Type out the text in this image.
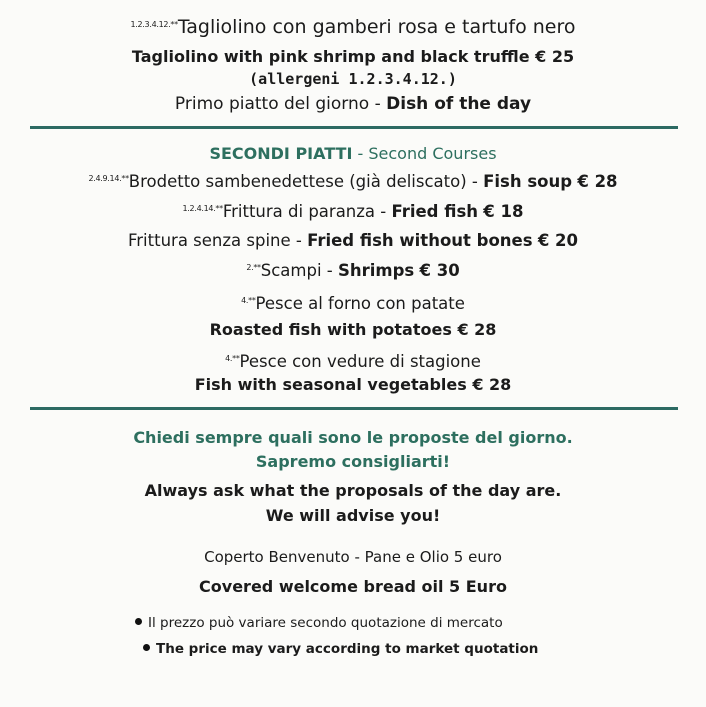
$^{1.2.3.4.12.**}$Tagliolino con gamberi rosa e tartufo nero
Tagliolino with pink shrimp and black truffle € 25
(allergeni 1.2.3.4.12.)
Primo piatto del giorno - Dish of the day
SECONDI PIATTI - Second Courses
$^{2.4.9.14.**}$Brodetto sambenedettese (già deliscato) - Fish soup € 28
$^{1.2.4.14.**}$Frittura di paranza - Fried fish € 18
Frittura senza spine - Fried fish without bones € 20
$^{2.**}$Scampi - Shrimps € 30
$^{4.**}$Pesce al forno con patate
Roasted fish with potatoes € 28
$^{4.**}$Pesce con vedure di stagione
Fish with seasonal vegetables € 28
Chiedi sempre quali sono le proposte del giorno.
Sapremo consigliarti!
Always ask what the proposals of the day are.
We will advise you!
Coperto Benvenuto - Pane e Olio 5 euro
Covered welcome bread oil 5 Euro
Il prezzo può variare secondo quotazione di mercato
The price may vary according to market quotation
